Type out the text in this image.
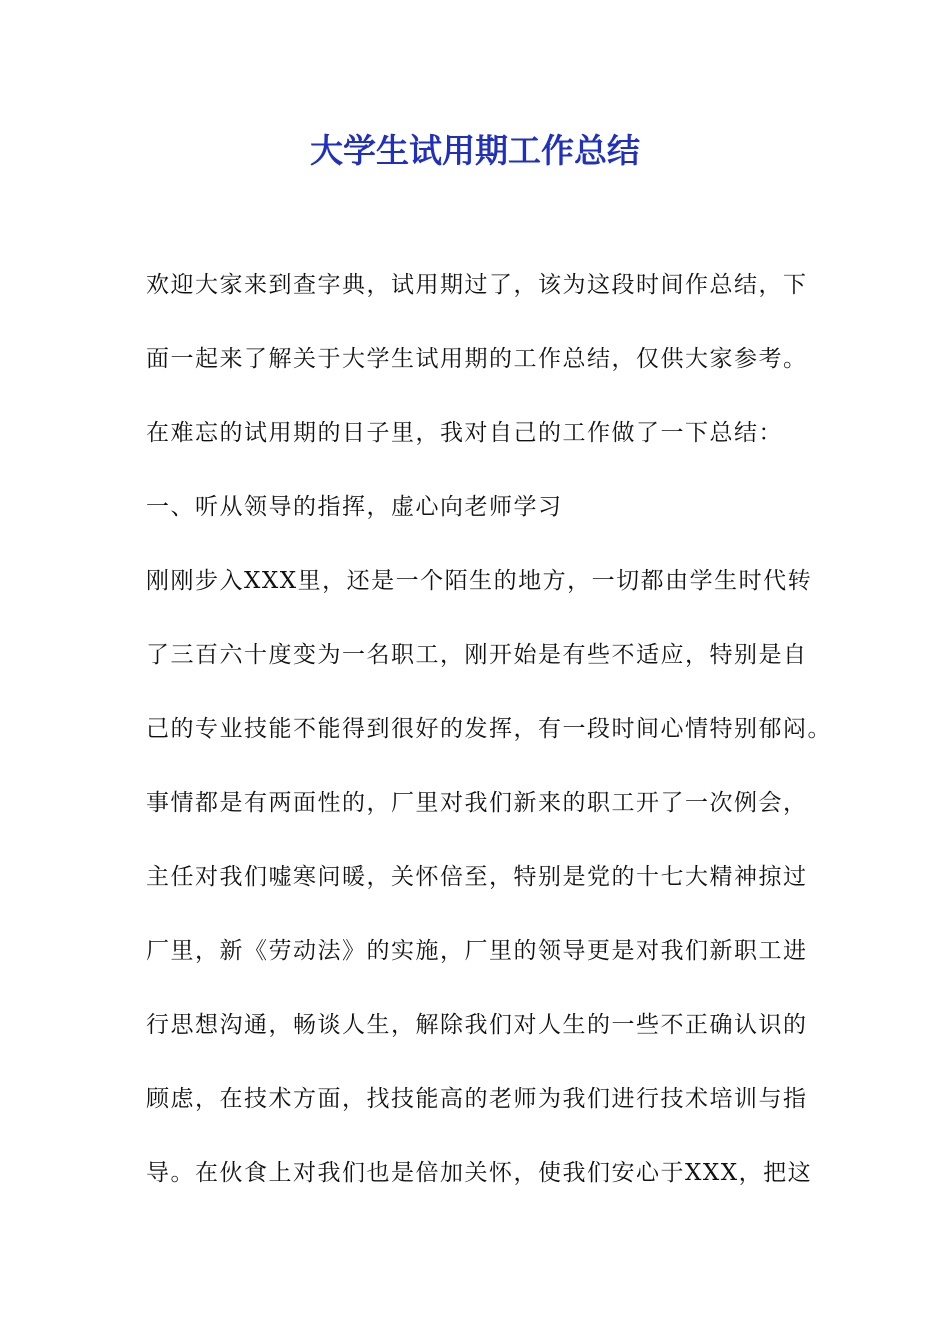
大学生试用期工作总结

欢迎大家来到查字典，试用期过了，该为这段时间作总结，下

面一起来了解关于大学生试用期的工作总结，仅供大家参考。

在难忘的试用期的日子里，我对自己的工作做了一下总结：

一、听从领导的指挥，虚心向老师学习

刚刚步入XXX里，还是一个陌生的地方，一切都由学生时代转

了三百六十度变为一名职工，刚开始是有些不适应，特别是自

己的专业技能不能得到很好的发挥，有一段时间心情特别郁闷。

事情都是有两面性的，厂里对我们新来的职工开了一次例会，

主任对我们嘘寒问暖，关怀倍至，特别是党的十七大精神掠过

厂里，新《劳动法》的实施，厂里的领导更是对我们新职工进

行思想沟通，畅谈人生，解除我们对人生的一些不正确认识的

顾虑，在技术方面，找技能高的老师为我们进行技术培训与指

导。在伙食上对我们也是倍加关怀，使我们安心于XXX，把这
